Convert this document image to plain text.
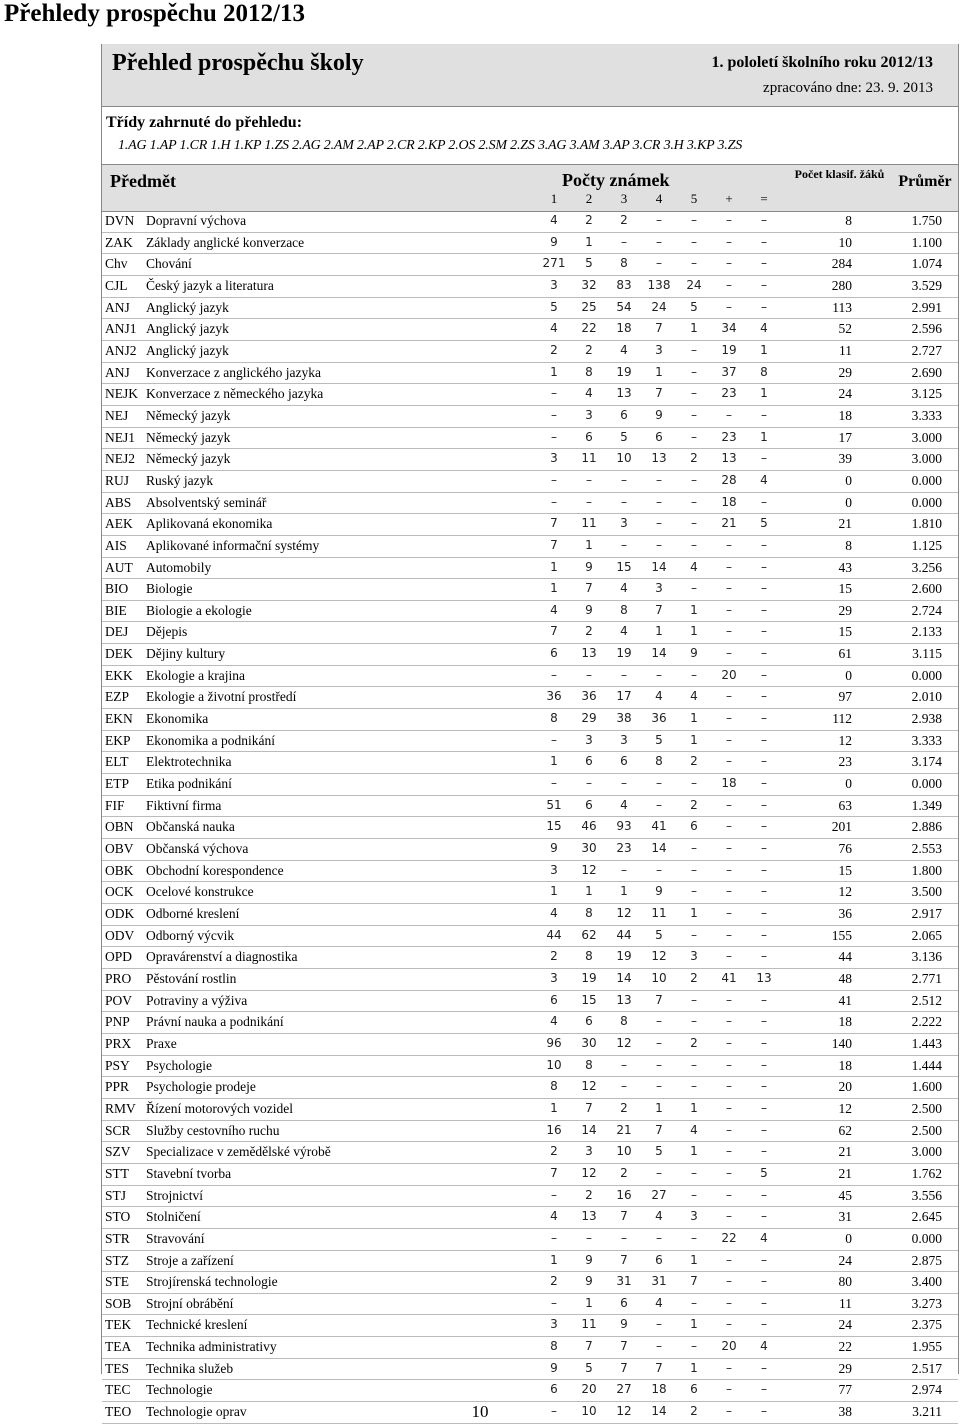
Přehledy prospěchu 2012/13
Přehled prospěchu školy	1. pololetí školního roku 2012/13
zpracováno dne: 23. 9. 2013
Třídy zahrnuté do přehledu:
1.AG 1.AP 1.CR 1.H 1.KP 1.ZS 2.AG 2.AM 2.AP 2.CR 2.KP 2.OS 2.SM 2.ZS 3.AG 3.AM 3.AP 3.CR 3.H 3.KP 3.ZS
Předmět	Počty známek
1	2	3	4	5	+	=
Počet klasif. žáků Průměr
DVN Dopravní výchova	4	2	2	–	–	–	–	8	1.750
ZAK Základy anglické konverzace	9	1	–	–	–	–	–	10	1.100
Chv Chování	271	5	8	–	–	–	–	284	1.074
CJL Český jazyk a literatura	3	32	83	138	24	–	–	280	3.529
ANJ Anglický jazyk	5	25	54	24	5	–	–	113	2.991
ANJ1 Anglický jazyk	4	22	18	7	1	34	4	52	2.596
ANJ2 Anglický jazyk	2	2	4	3	–	19	1	11	2.727
ANJ Konverzace z anglického jazyka	1	8	19	1	–	37	8	29	2.690
NEJK Konverzace z německého jazyka	–	4	13	7	–	23	1	24	3.125
NEJ Německý jazyk	–	3	6	9	–	–	–	18	3.333
NEJ1 Německý jazyk	–	6	5	6	–	23	1	17	3.000
NEJ2 Německý jazyk	3	11	10	13	2	13	–	39	3.000
RUJ Ruský jazyk	–	–	–	–	–	28	4	0	0.000
ABS Absolventský seminář	–	–	–	–	–	18	–	0	0.000
AEK Aplikovaná ekonomika	7	11	3	–	–	21	5	21	1.810
AIS Aplikované informační systémy	7	1	–	–	–	–	–	8	1.125
AUT Automobily	1	9	15	14	4	–	–	43	3.256
BIO Biologie	1	7	4	3	–	–	–	15	2.600
BIE Biologie a ekologie	4	9	8	7	1	–	–	29	2.724
DEJ Dějepis	7	2	4	1	1	–	–	15	2.133
DEK Dějiny kultury	6	13	19	14	9	–	–	61	3.115
EKK Ekologie a krajina	–	–	–	–	–	20	–	0	0.000
EZP Ekologie a životní prostředí	36	36	17	4	4	–	–	97	2.010
EKN Ekonomika	8	29	38	36	1	–	–	112	2.938
EKP Ekonomika a podnikání	–	3	3	5	1	–	–	12	3.333
ELT Elektrotechnika	1	6	6	8	2	–	–	23	3.174
ETP Etika podnikání	–	–	–	–	–	18	–	0	0.000
FIF Fiktivní firma	51	6	4	–	2	–	–	63	1.349
OBN Občanská nauka	15	46	93	41	6	–	–	201	2.886
OBV Občanská výchova	9	30	23	14	–	–	–	76	2.553
OBK Obchodní korespondence	3	12	–	–	–	–	–	15	1.800
OCK Ocelové konstrukce	1	1	1	9	–	–	–	12	3.500
ODK Odborné kreslení	4	8	12	11	1	–	–	36	2.917
ODV Odborný výcvik	44	62	44	5	–	–	–	155	2.065
OPD Opravárenství a diagnostika	2	8	19	12	3	–	–	44	3.136
PRO Pěstování rostlin	3	19	14	10	2	41	13	48	2.771
POV Potraviny a výživa	6	15	13	7	–	–	–	41	2.512
PNP Právní nauka a podnikání	4	6	8	–	–	–	–	18	2.222
PRX Praxe	96	30	12	–	2	–	–	140	1.443
PSY Psychologie	10	8	–	–	–	–	–	18	1.444
PPR Psychologie prodeje	8	12	–	–	–	–	–	20	1.600
RMV Řízení motorových vozidel	1	7	2	1	1	–	–	12	2.500
SCR Služby cestovního ruchu	16	14	21	7	4	–	–	62	2.500
SZV Specializace v zemědělské výrobě	2	3	10	5	1	–	–	21	3.000
STT Stavební tvorba	7	12	2	–	–	–	5	21	1.762
STJ Strojnictví	–	2	16	27	–	–	–	45	3.556
STO Stolničení	4	13	7	4	3	–	–	31	2.645
STR Stravování	–	–	–	–	–	22	4	0	0.000
STZ Stroje a zařízení	1	9	7	6	1	–	–	24	2.875
STE Strojírenská technologie	2	9	31	31	7	–	–	80	3.400
SOB Strojní obrábění	–	1	6	4	–	–	–	11	3.273
TEK Technické kreslení	3	11	9	–	1	–	–	24	2.375
TEA Technika administrativy	8	7	7	–	–	20	4	22	1.955
TES Technika služeb	9	5	7	7	1	–	–	29	2.517
TEC Technologie	6	20	27	18	6	–	–	77	2.974
TEO Technologie oprav	–	10	12	14	2	–	–	38	3.211
10
